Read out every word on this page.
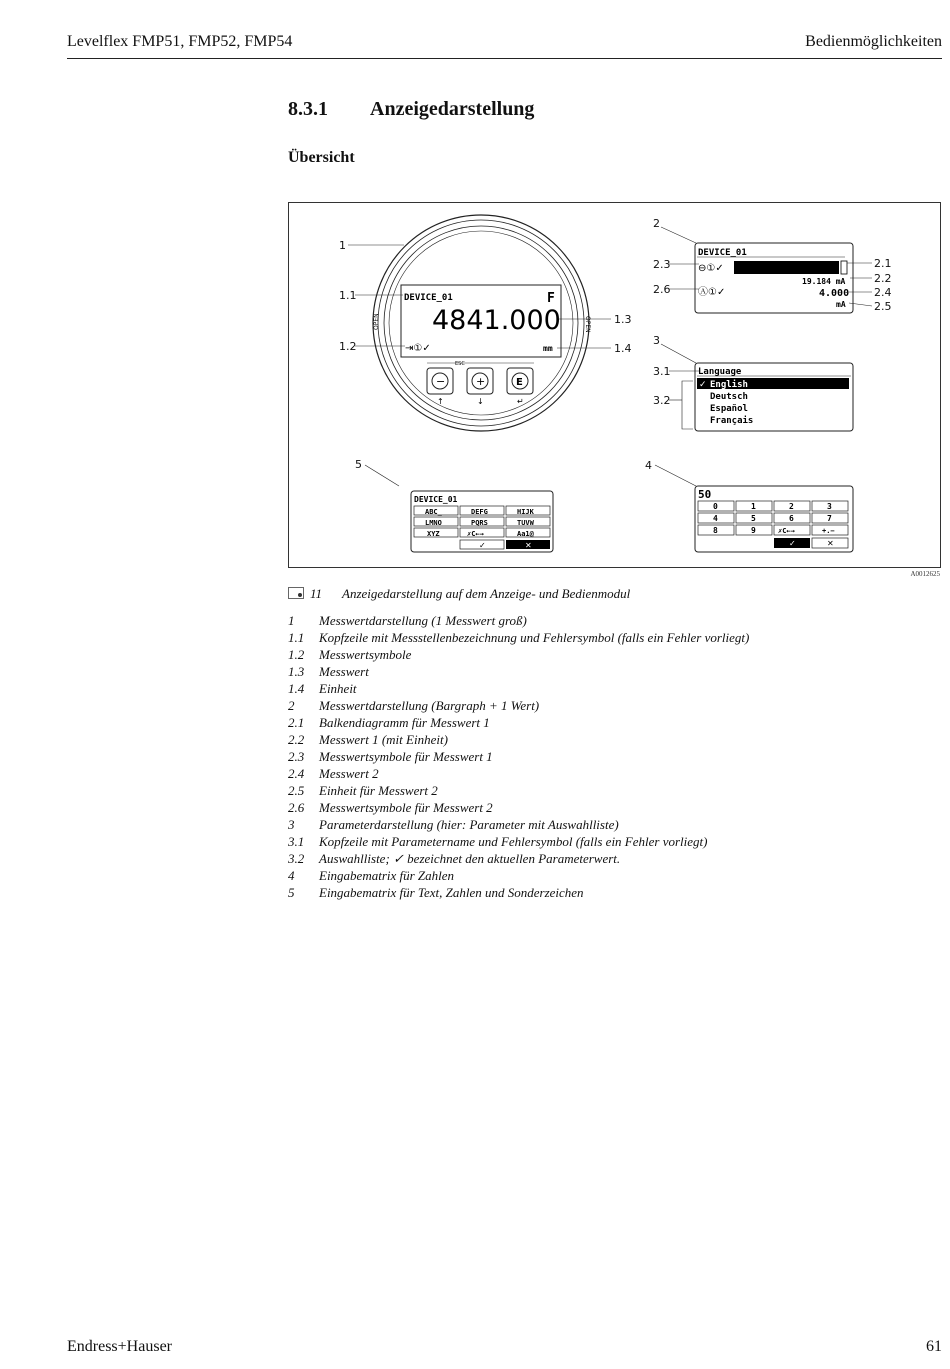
Levelflex FMP51, FMP52, FMP54	Bedienmöglichkeiten
8.3.1 Anzeigedarstellung
Übersicht
OPEN	OPEN
DEVICE_01	F
4841.000
⇥①✓	mm
ESC
−	+	E
↑	↓	↵
1
1.1
1.2
1.3
1.4
2
DEVICE_01
⊖①✓
19.184 mA
Ⓐ①✓	4.000
mA
2.3
2.6
2.1
2.2
2.4
2.5
3
Language
English
✓
Deutsch
Español
Français
3.1
3.2
4
50
0	1	2	3
4	5	6	7
8	9	✗C←→	+.−
✓	✕
5
DEVICE_01
ABC_	DEFG	HIJK
LMNO	PQRS	TUVW
XYZ	✗C←→	Aa1@
✓	✕
A0012625
11 Anzeigedarstellung auf dem Anzeige- und Bedienmodul
1	Messwertdarstellung (1 Messwert groß)
1.1	Kopfzeile mit Messstellenbezeichnung und Fehlersymbol (falls ein Fehler vorliegt)
1.2	Messwertsymbole
1.3	Messwert
1.4	Einheit
2	Messwertdarstellung (Bargraph + 1 Wert)
2.1	Balkendiagramm für Messwert 1
2.2	Messwert 1 (mit Einheit)
2.3	Messwertsymbole für Messwert 1
2.4	Messwert 2
2.5	Einheit für Messwert 2
2.6	Messwertsymbole für Messwert 2
3	Parameterdarstellung (hier: Parameter mit Auswahlliste)
3.1	Kopfzeile mit Parametername und Fehlersymbol (falls ein Fehler vorliegt)
3.2	Auswahlliste; ✓ bezeichnet den aktuellen Parameterwert.
4	Eingabematrix für Zahlen
5	Eingabematrix für Text, Zahlen und Sonderzeichen
Endress+Hauser	61
